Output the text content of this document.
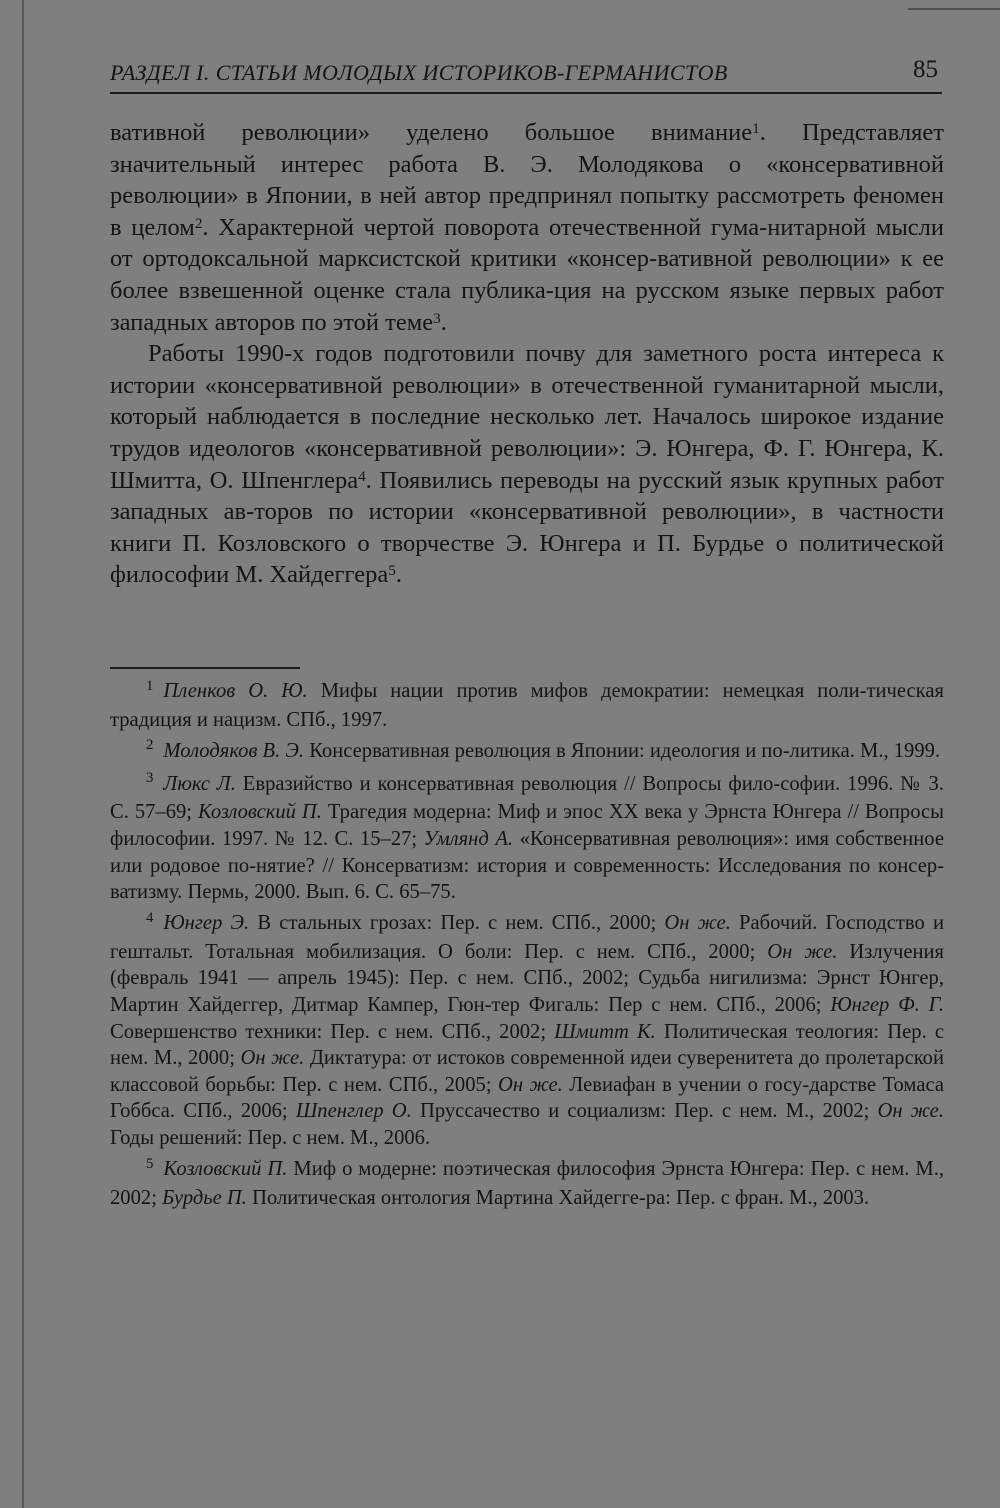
РАЗДЕЛ I. СТАТЬИ МОЛОДЫХ ИСТОРИКОВ-ГЕРМАНИСТОВ	85

вативной революции» уделено большое внимание$^1$. Представляет значительный интерес работа В. Э. Молодякова о «консервативной революции» в Японии, в ней автор предпринял попытку рассмотреть феномен в целом$^2$. Характерной чертой поворота отечественной гума-нитарной мысли от ортодоксальной марксистской критики «консер-вативной революции» к ее более взвешенной оценке стала публика-ция на русском языке первых работ западных авторов по этой теме$^3$.

Работы 1990-х годов подготовили почву для заметного роста интереса к истории «консервативной революции» в отечественной гуманитарной мысли, который наблюдается в последние несколько лет. Началось широкое издание трудов идеологов «консервативной революции»: Э. Юнгера, Ф. Г. Юнгера, К. Шмитта, О. Шпенглера$^4$. Появились переводы на русский язык крупных работ западных ав-торов по истории «консервативной революции», в частности книги П. Козловского о творчестве Э. Юнгера и П. Бурдье о политической философии М. Хайдеггера$^5$.

$^1$ Пленков О. Ю. Мифы нации против мифов демократии: немецкая поли-тическая традиция и нацизм. СПб., 1997.

$^2$ Молодяков В. Э. Консервативная революция в Японии: идеология и по-литика. М., 1999.

$^3$ Люкс Л. Евразийство и консервативная революция // Вопросы фило-софии. 1996. № 3. С. 57–69; Козловский П. Трагедия модерна: Миф и эпос XX века у Эрнста Юнгера // Вопросы философии. 1997. № 12. С. 15–27; Умлянд А. «Консервативная революция»: имя собственное или родовое по-нятие? // Консерватизм: история и современность: Исследования по консер-ватизму. Пермь, 2000. Вып. 6. С. 65–75.

$^4$ Юнгер Э. В стальных грозах: Пер. с нем. СПб., 2000; Он же. Рабочий. Господство и гештальт. Тотальная мобилизация. О боли: Пер. с нем. СПб., 2000; Он же. Излучения (февраль 1941 — апрель 1945): Пер. с нем. СПб., 2002; Судьба нигилизма: Эрнст Юнгер, Мартин Хайдеггер, Дитмар Кампер, Гюн-тер Фигаль: Пер с нем. СПб., 2006; Юнгер Ф. Г. Совершенство техники: Пер. с нем. СПб., 2002; Шмитт К. Политическая теология: Пер. с нем. М., 2000; Он же. Диктатура: от истоков современной идеи суверенитета до пролетарской классовой борьбы: Пер. с нем. СПб., 2005; Он же. Левиафан в учении о госу-дарстве Томаса Гоббса. СПб., 2006; Шпенглер О. Пруссачество и социализм: Пер. с нем. М., 2002; Он же. Годы решений: Пер. с нем. М., 2006.

$^5$ Козловский П. Миф о модерне: поэтическая философия Эрнста Юнгера: Пер. с нем. М., 2002; Бурдье П. Политическая онтология Мартина Хайдегге-ра: Пер. с фран. М., 2003.
